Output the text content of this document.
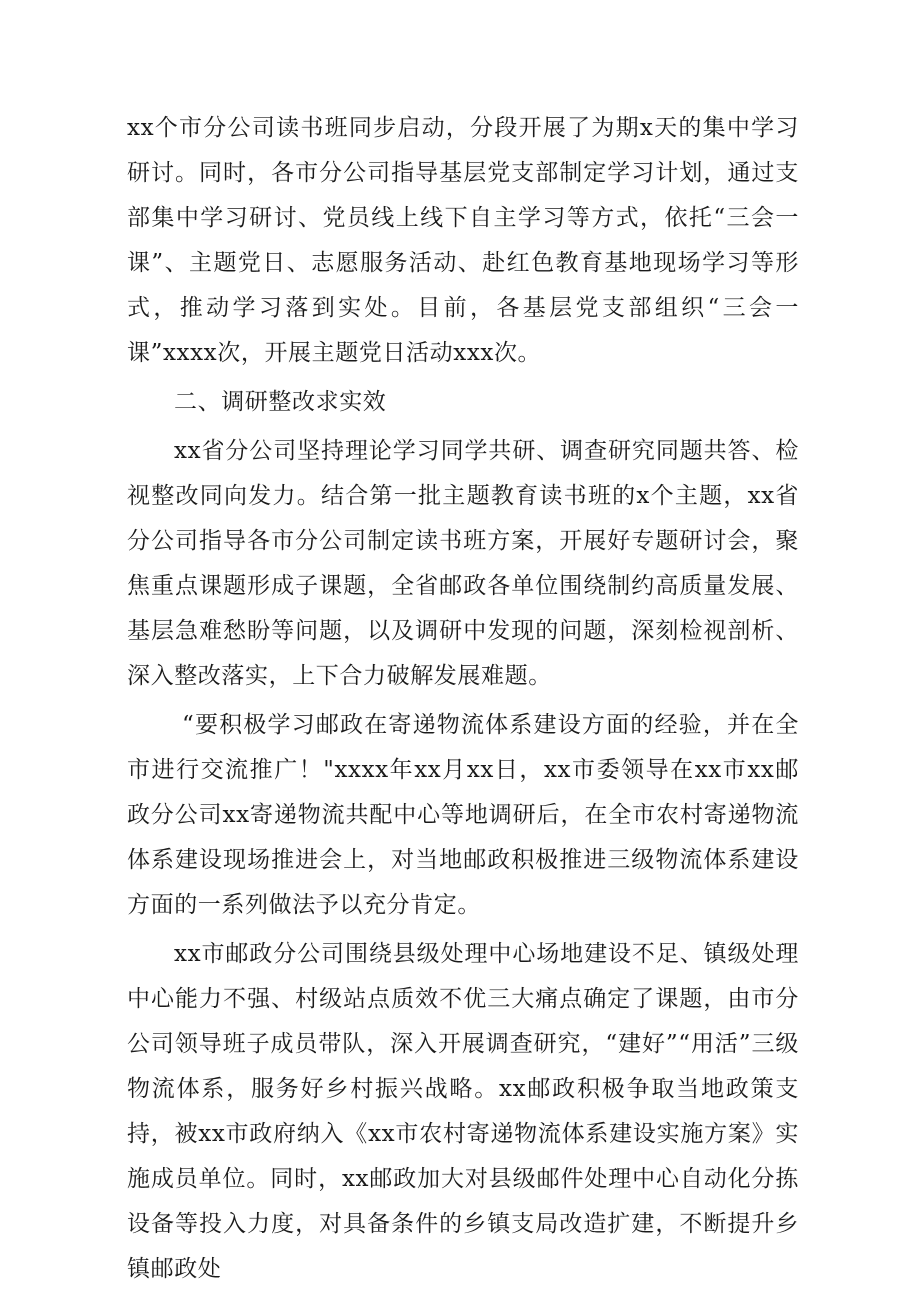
xx个市分公司读书班同步启动，分段开展了为期x天的集中学习研讨。同时，各市分公司指导基层党支部制定学习计划，通过支部集中学习研讨、党员线上线下自主学习等方式，依托“三会一课”、主题党日、志愿服务活动、赴红色教育基地现场学习等形式，推动学习落到实处。目前，各基层党支部组织“三会一课”xxxx次，开展主题党日活动xxx次。

二、调研整改求实效

xx省分公司坚持理论学习同学共研、调查研究同题共答、检视整改同向发力。结合第一批主题教育读书班的x个主题，xx省分公司指导各市分公司制定读书班方案，开展好专题研讨会，聚焦重点课题形成子课题，全省邮政各单位围绕制约高质量发展、基层急难愁盼等问题，以及调研中发现的问题，深刻检视剖析、深入整改落实，上下合力破解发展难题。

“要积极学习邮政在寄递物流体系建设方面的经验，并在全市进行交流推广！"xxxx年xx月xx日，xx市委领导在xx市xx邮政分公司xx寄递物流共配中心等地调研后，在全市农村寄递物流体系建设现场推进会上，对当地邮政积极推进三级物流体系建设方面的一系列做法予以充分肯定。

xx市邮政分公司围绕县级处理中心场地建设不足、镇级处理中心能力不强、村级站点质效不优三大痛点确定了课题，由市分公司领导班子成员带队，深入开展调查研究，“建好”“用活”三级物流体系，服务好乡村振兴战略。xx邮政积极争取当地政策支持，被xx市政府纳入《xx市农村寄递物流体系建设实施方案》实施成员单位。同时，xx邮政加大对县级邮件处理中心自动化分拣设备等投入力度，对具备条件的乡镇支局改造扩建，不断提升乡镇邮政处
